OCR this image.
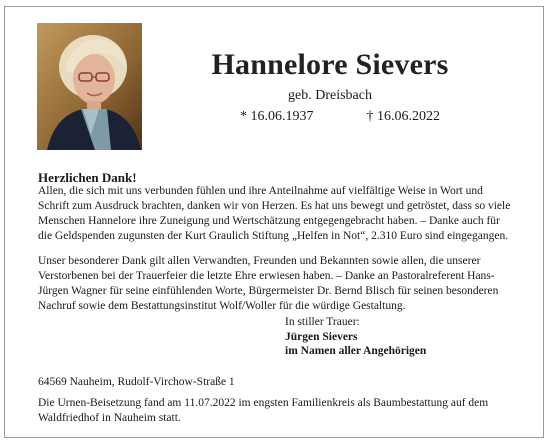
Hannelore Sievers
geb. Dreisbach
* 16.06.1937	† 16.06.2022
Herzlichen Dank!

Allen, die sich mit uns verbunden fühlen und ihre Anteilnahme auf vielfältige Weise in Wort und Schrift zum Ausdruck brachten, danken wir von Herzen. Es hat uns bewegt und getröstet, dass so viele Menschen Hannelore ihre Zuneigung und Wertschätzung entgegengebracht haben. – Danke auch für die Geldspenden zugunsten der Kurt Graulich Stiftung „Helfen in Not“, 2.310 Euro sind eingegangen.

Unser besonderer Dank gilt allen Verwandten, Freunden und Bekannten sowie allen, die unserer Verstorbenen bei der Trauerfeier die letzte Ehre erwiesen haben. – Danke an Pastoralreferent Hans-Jürgen Wagner für seine einfühlenden Worte, Bürgermeister Dr. Bernd Blisch für seinen besonderen Nachruf sowie dem Bestattungsinstitut Wolf/Woller für die würdige Gestaltung.

In stiller Trauer:
Jürgen Sievers
im Namen aller Angehörigen
64569 Nauheim, Rudolf-Virchow-Straße 1

Die Urnen-Beisetzung fand am 11.07.2022 im engsten Familienkreis als Baumbestattung auf dem Waldfriedhof in Nauheim statt.
